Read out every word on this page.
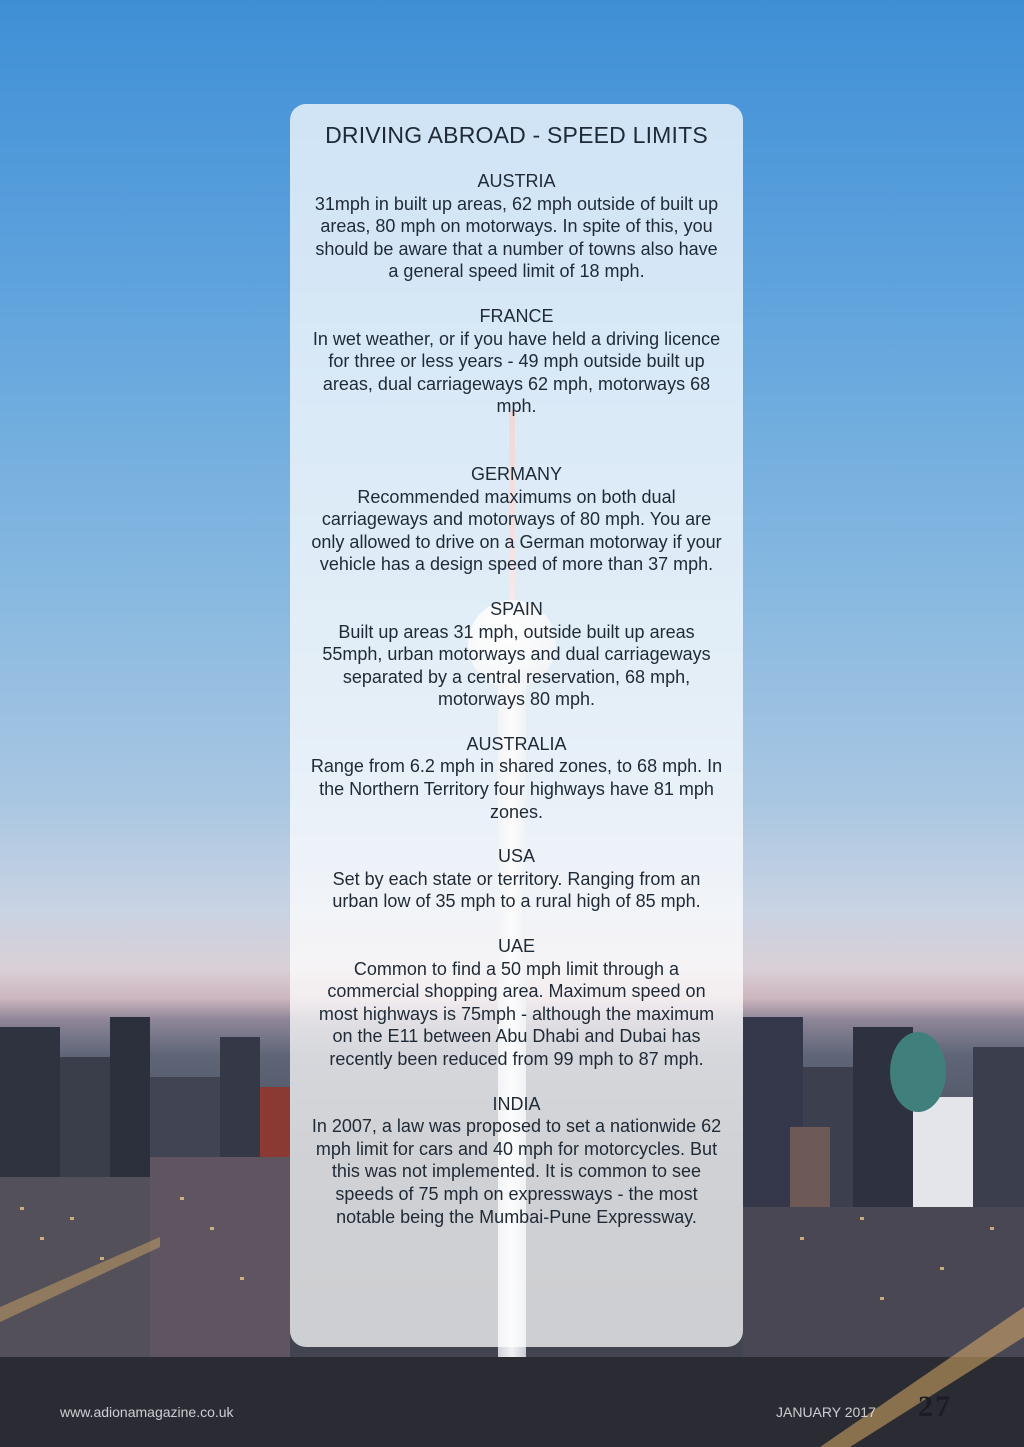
DRIVING ABROAD - SPEED LIMITS
AUSTRIA

31mph in built up areas, 62 mph outside of built up areas, 80 mph on motorways. In spite of this, you should be aware that a number of towns also have a general speed limit of 18 mph.

FRANCE

In wet weather, or if you have held a driving licence for three or less years - 49 mph outside built up areas, dual carriageways 62 mph, motorways 68 mph.

GERMANY

Recommended maximums on both dual carriageways and motorways of 80 mph. You are only allowed to drive on a German motorway if your vehicle has a design speed of more than 37 mph.

SPAIN

Built up areas 31 mph, outside built up areas 55mph, urban motorways and dual carriageways separated by a central reservation, 68 mph, motorways 80 mph.

AUSTRALIA

Range from 6.2 mph in shared zones, to 68 mph. In the Northern Territory four highways have 81 mph zones.

USA

Set by each state or territory. Ranging from an urban low of 35 mph to a rural high of 85 mph.

UAE

Common to find a 50 mph limit through a commercial shopping area. Maximum speed on most highways is 75mph - although the maximum on the E11 between Abu Dhabi and Dubai has recently been reduced from 99 mph to 87 mph.

INDIA

In 2007, a law was proposed to set a nationwide 62 mph limit for cars and 40 mph for motorcycles. But this was not implemented. It is common to see speeds of 75 mph on expressways - the most notable being the Mumbai-Pune Expressway.

www.adionamagazine.co.uk	JANUARY 2017 27
